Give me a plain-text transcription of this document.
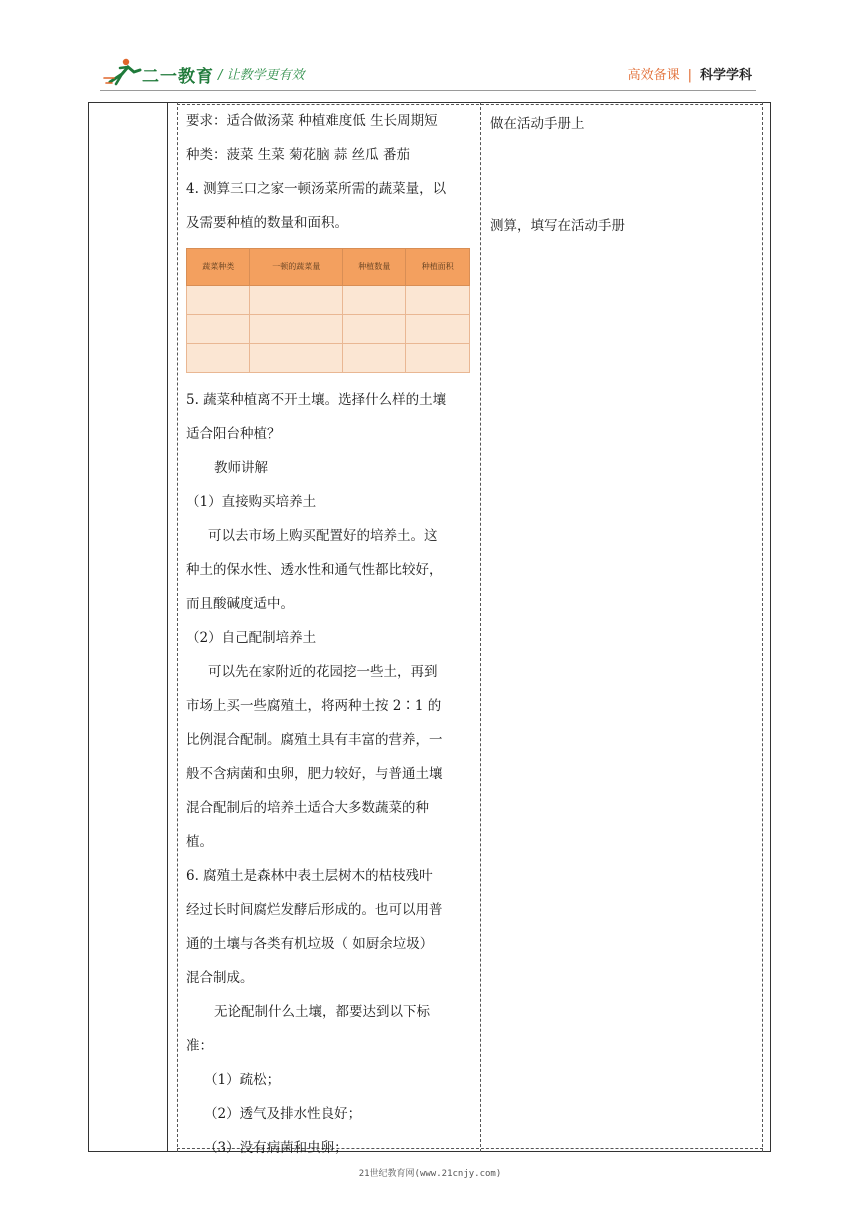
二一教育 / 让教学更有效	高效备课 | 科学学科

要求：适合做汤菜 种植难度低 生长周期短

种类：菠菜 生菜 菊花脑 蒜 丝瓜 番茄

4. 测算三口之家一顿汤菜所需的蔬菜量，以

及需要种植的数量和面积。

蔬菜种类	一顿的蔬菜量	种植数量	种植面积

5. 蔬菜种植离不开土壤。选择什么样的土壤

适合阳台种植？

教师讲解

（1）直接购买培养土

可以去市场上购买配置好的培养土。这

种土的保水性、透水性和通气性都比较好，

而且酸碱度适中。

（2）自己配制培养土

可以先在家附近的花园挖一些土，再到

市场上买一些腐殖土，将两种土按 2∶1 的

比例混合配制。腐殖土具有丰富的营养，一

般不含病菌和虫卵，肥力较好，与普通土壤

混合配制后的培养土适合大多数蔬菜的种

植。

6. 腐殖土是森林中表土层树木的枯枝残叶

经过长时间腐烂发酵后形成的。也可以用普

通的土壤与各类有机垃圾（ 如厨余垃圾）

混合制成。

无论配制什么土壤，都要达到以下标

准：

（1）疏松；

（2）透气及排水性良好；

（3）没有病菌和虫卵；

做在活动手册上
测算，填写在活动手册
21世纪教育网(www.21cnjy.com)
